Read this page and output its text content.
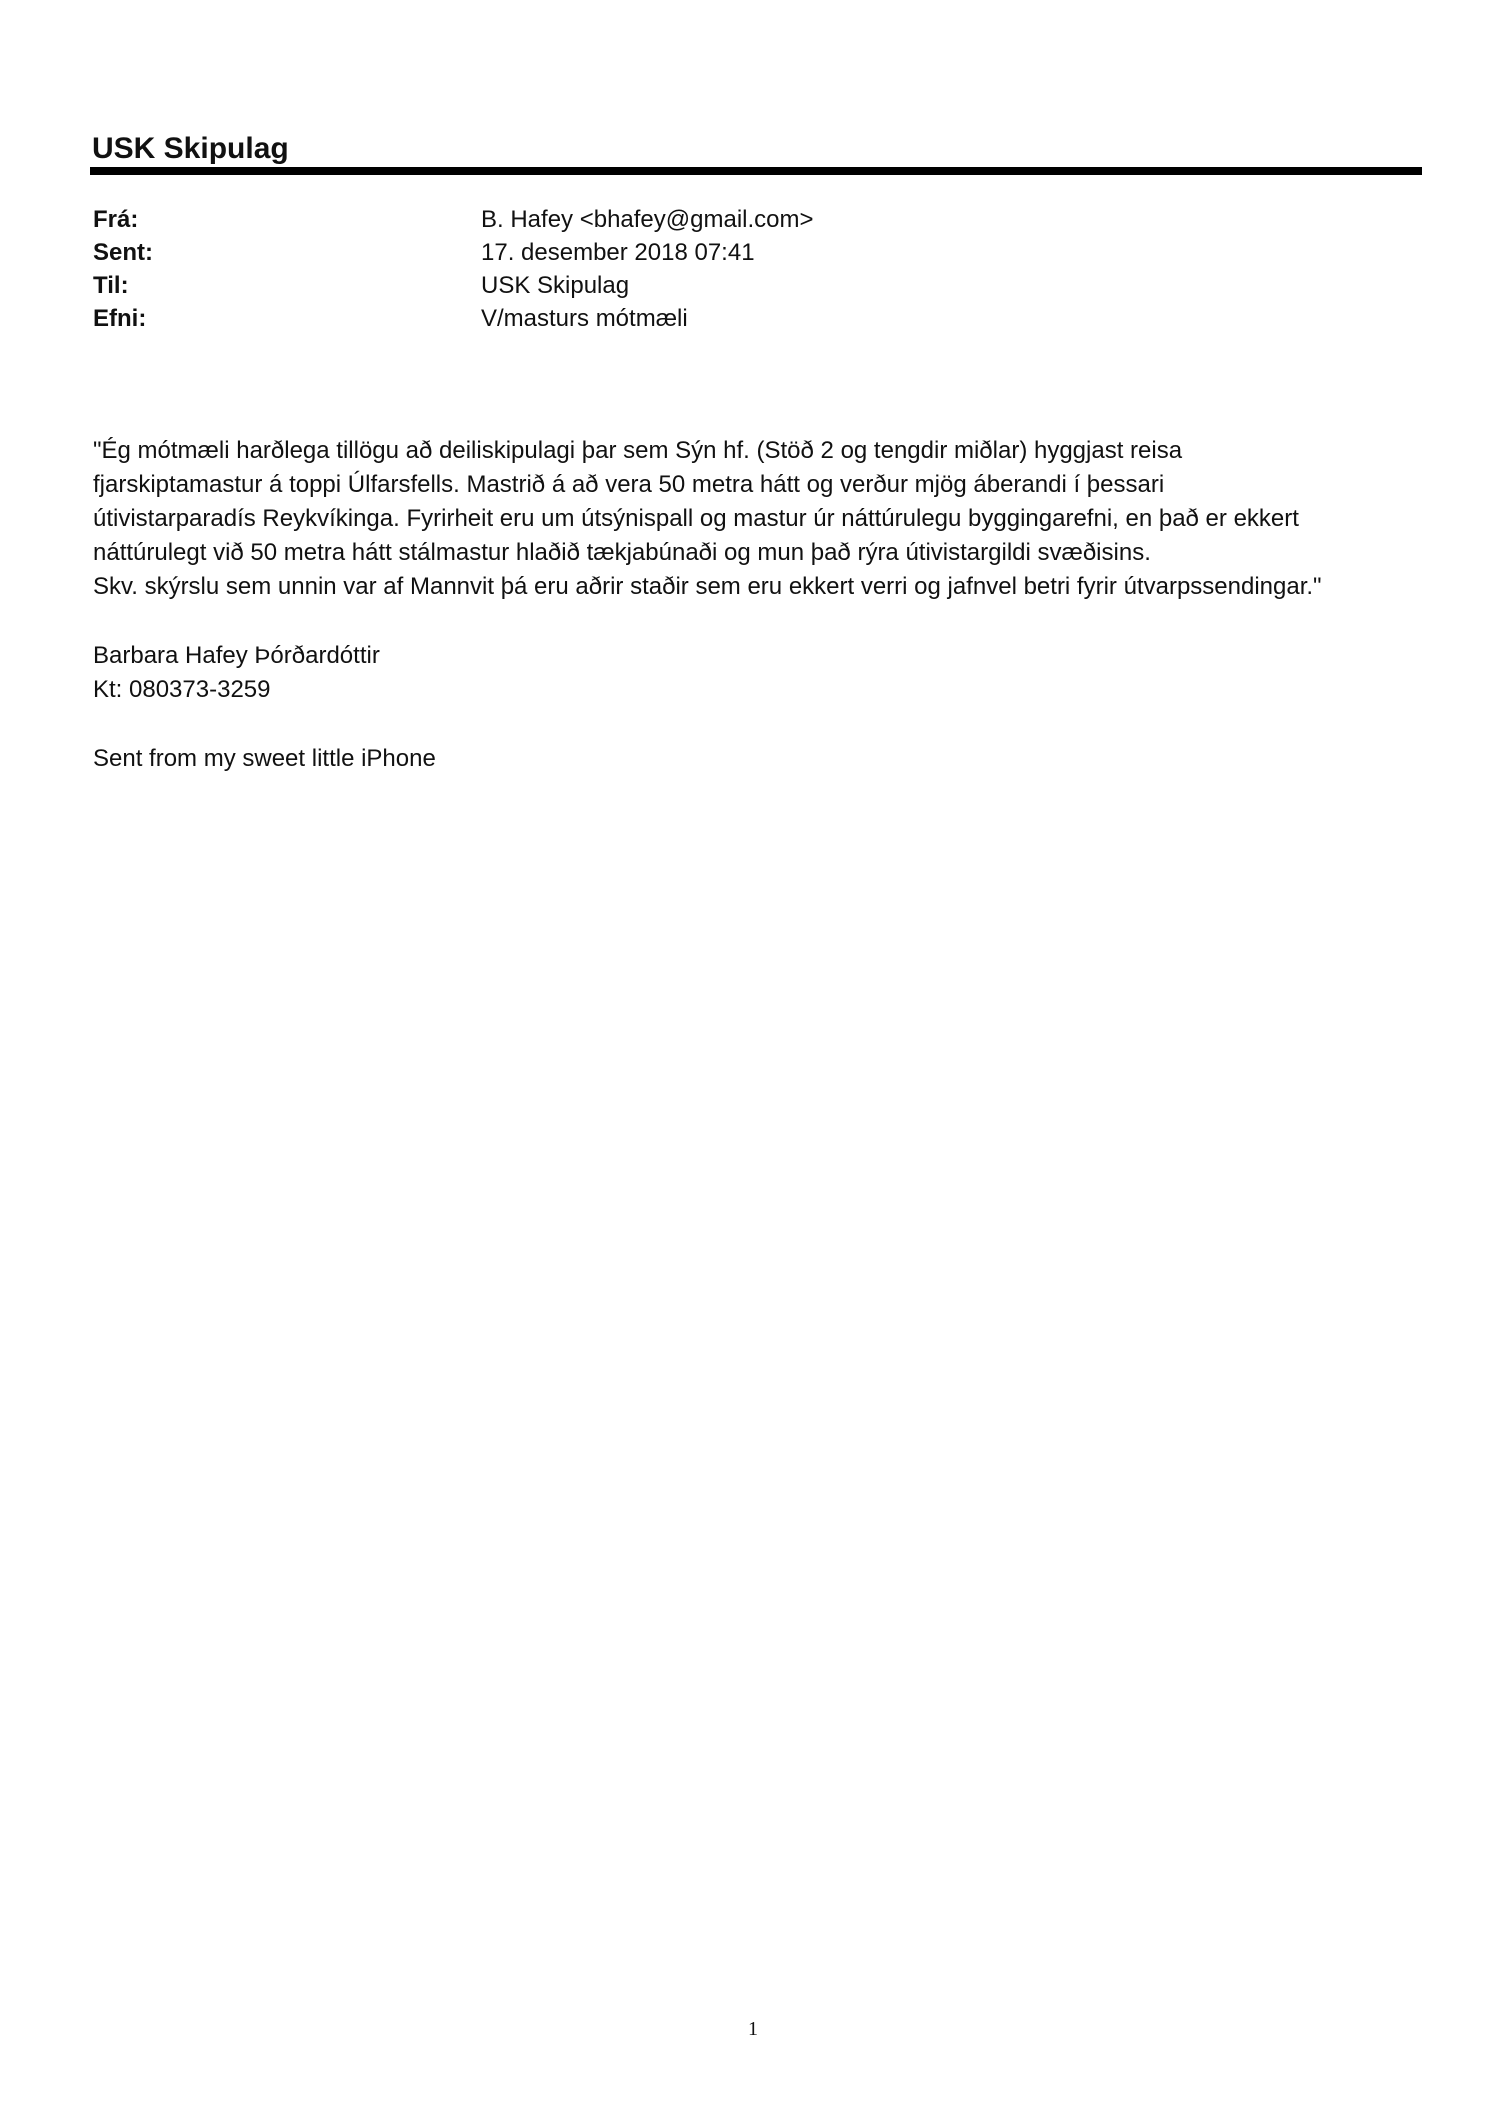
USK Skipulag
Frá:	B. Hafey <bhafey@gmail.com>
Sent:	17. desember 2018 07:41
Til:	USK Skipulag
Efni:	V/masturs mótmæli
"Ég mótmæli harðlega tillögu að deiliskipulagi þar sem Sýn hf. (Stöð 2 og tengdir miðlar) hyggjast reisa
fjarskiptamastur á toppi Úlfarsfells. Mastrið á að vera 50 metra hátt og verður mjög áberandi í þessari
útivistarparadís Reykvíkinga. Fyrirheit eru um útsýnispall og mastur úr náttúrulegu byggingarefni, en það er ekkert
náttúrulegt við 50 metra hátt stálmastur hlaðið tækjabúnaði og mun það rýra útivistargildi svæðisins.
Skv. skýrslu sem unnin var af Mannvit þá eru aðrir staðir sem eru ekkert verri og jafnvel betri fyrir útvarpssendingar."
Barbara Hafey Þórðardóttir
Kt: 080373-3259
Sent from my sweet little iPhone
1
